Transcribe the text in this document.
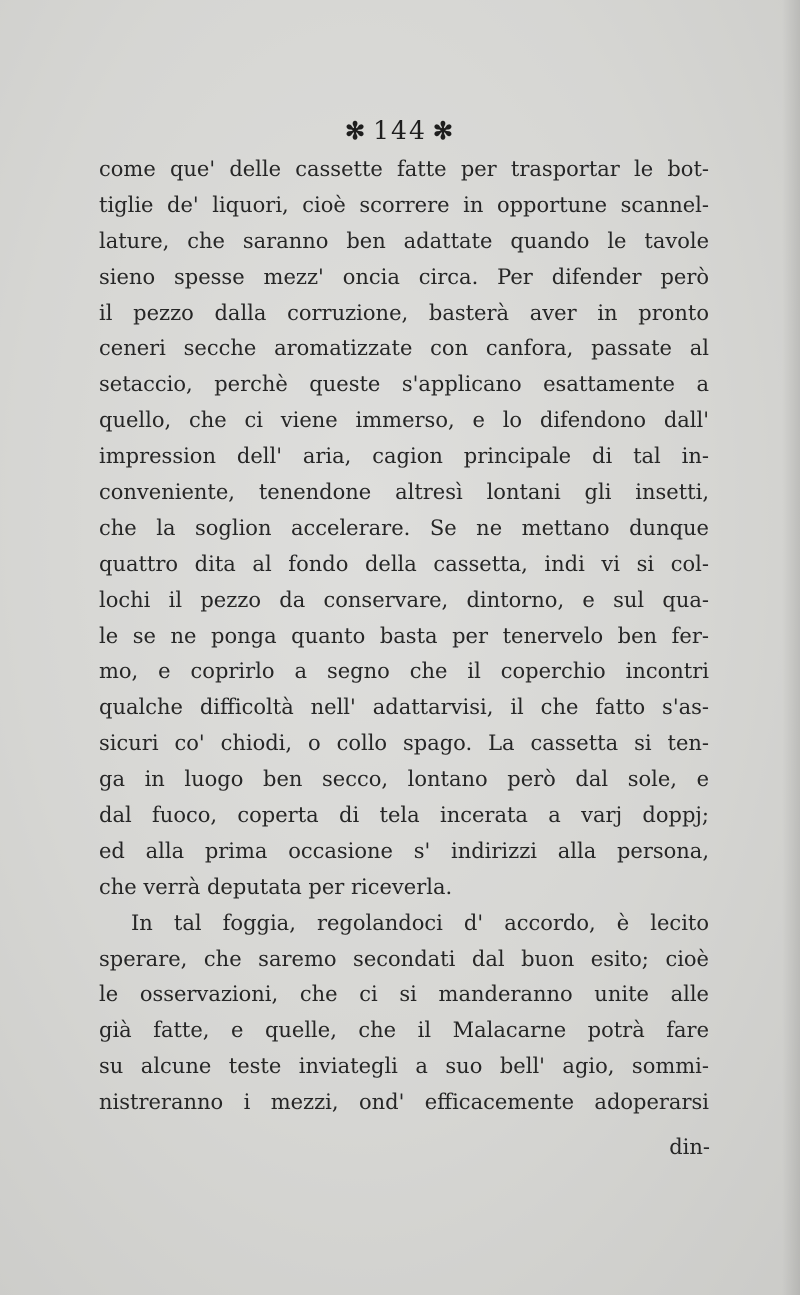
✻ 144 ✻
come que' delle cassette fatte per trasportar le bot-
tiglie de' liquori, cioè scorrere in opportune scannel-
lature, che saranno ben adattate quando le tavole
sieno spesse mezz' oncia circa. Per difender però
il pezzo dalla corruzione, basterà aver in pronto
ceneri secche aromatizzate con canfora, passate al
setaccio, perchè queste s'applicano esattamente a
quello, che ci viene immerso, e lo difendono dall'
impression dell' aria, cagion principale di tal in-
conveniente, tenendone altresì lontani gli insetti,
che la soglion accelerare. Se ne mettano dunque
quattro dita al fondo della cassetta, indi vi si col-
lochi il pezzo da conservare, dintorno, e sul qua-
le se ne ponga quanto basta per tenervelo ben fer-
mo, e coprirlo a segno che il coperchio incontri
qualche difficoltà nell' adattarvisi, il che fatto s'as-
sicuri co' chiodi, o collo spago. La cassetta si ten-
ga in luogo ben secco, lontano però dal sole, e
dal fuoco, coperta di tela incerata a varj doppj;
ed alla prima occasione s' indirizzi alla persona,
che verrà deputata per riceverla.
In tal foggia, regolandoci d' accordo, è lecito
sperare, che saremo secondati dal buon esito; cioè
le osservazioni, che ci si manderanno unite alle
già fatte, e quelle, che il Malacarne potrà fare
su alcune teste inviategli a suo bell' agio, sommi-
nistreranno i mezzi, ond' efficacemente adoperarsi
din-
